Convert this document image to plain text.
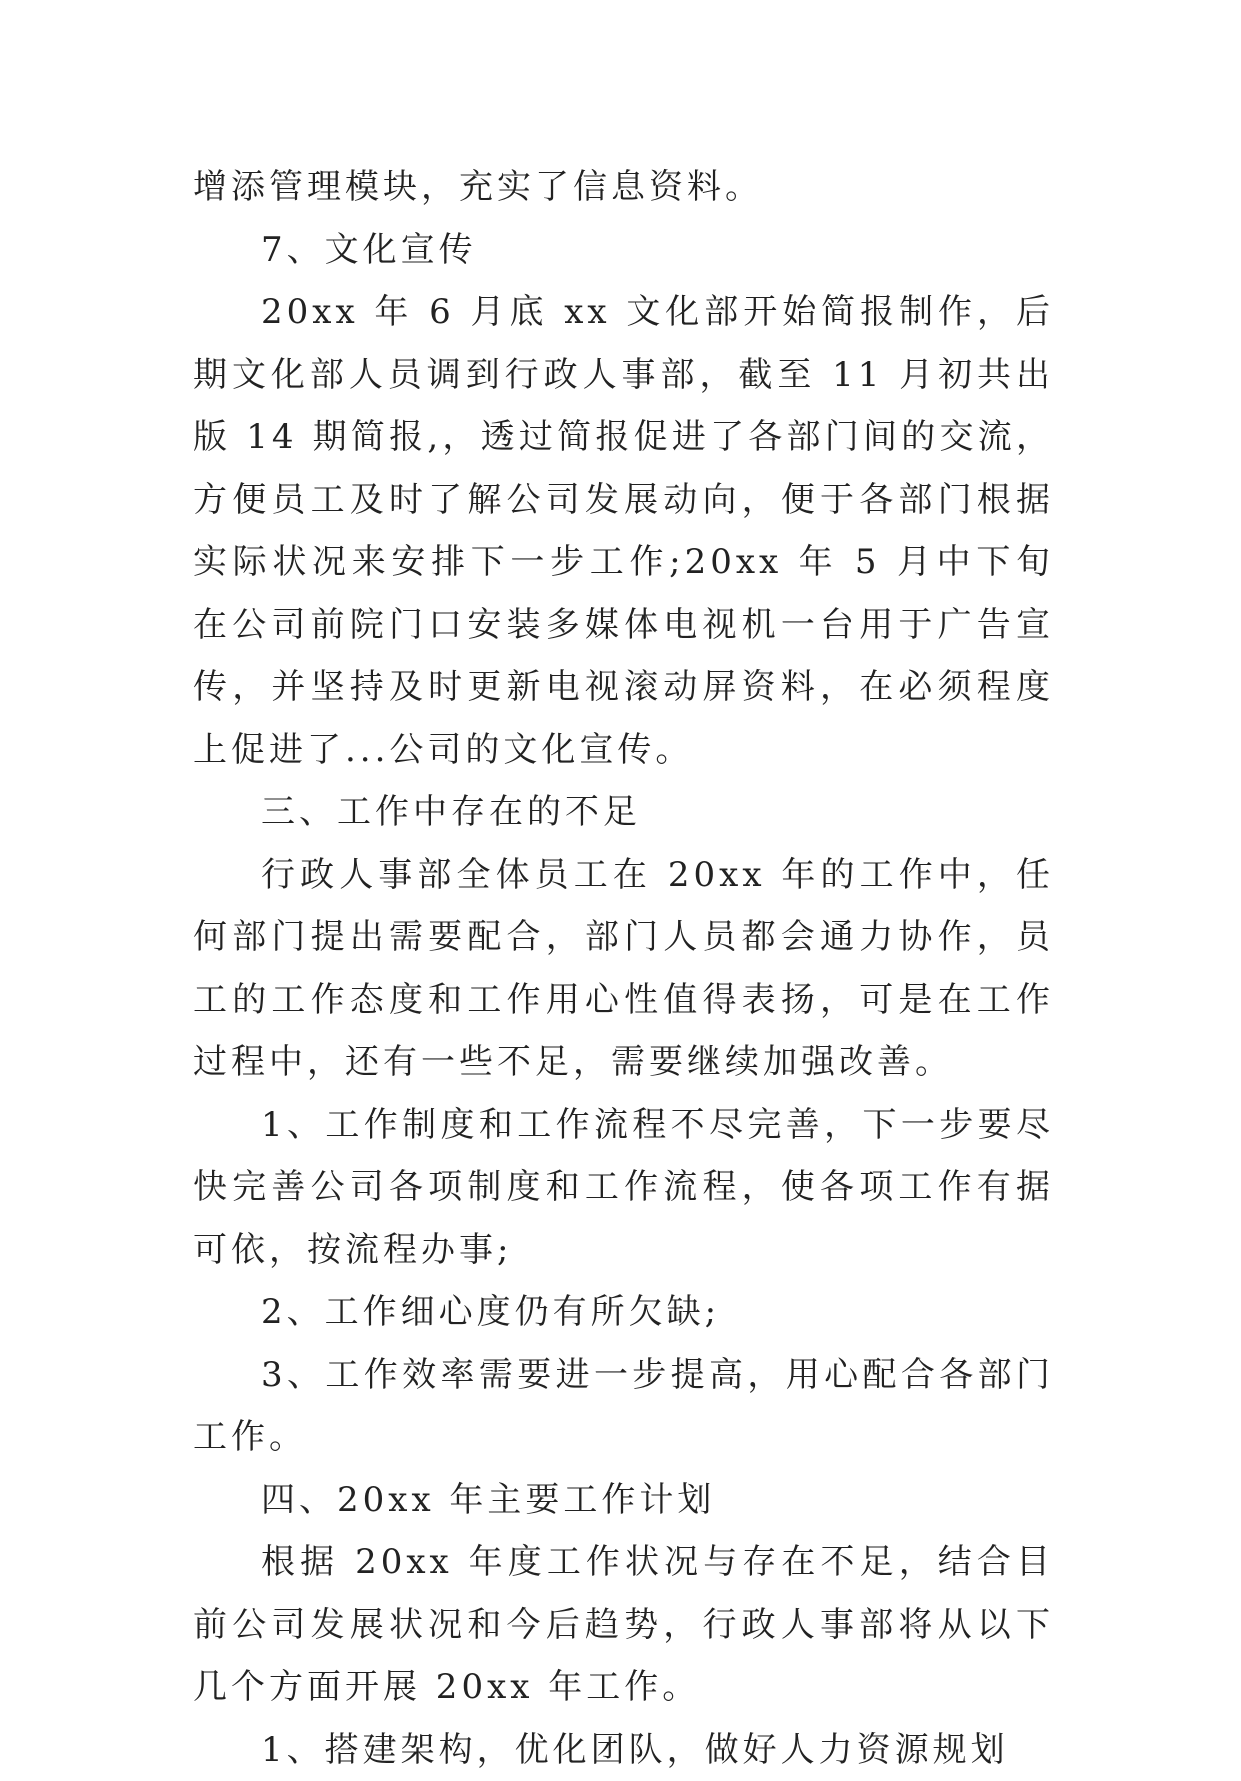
增添管理模块，充实了信息资料。

7、文化宣传

20xx 年 6 月底 xx 文化部开始简报制作，后期文化部人员调到行政人事部，截至 11 月初共出版 14 期简报,，透过简报促进了各部门间的交流，方便员工及时了解公司发展动向，便于各部门根据实际状况来安排下一步工作;20xx 年 5 月中下旬在公司前院门口安装多媒体电视机一台用于广告宣传，并坚持及时更新电视滚动屏资料，在必须程度上促进了...公司的文化宣传。

三、工作中存在的不足

行政人事部全体员工在 20xx 年的工作中，任何部门提出需要配合，部门人员都会通力协作，员工的工作态度和工作用心性值得表扬，可是在工作过程中，还有一些不足，需要继续加强改善。

1、工作制度和工作流程不尽完善，下一步要尽快完善公司各项制度和工作流程，使各项工作有据可依，按流程办事;

2、工作细心度仍有所欠缺;

3、工作效率需要进一步提高，用心配合各部门工作。

四、20xx 年主要工作计划

根据 20xx 年度工作状况与存在不足，结合目前公司发展状况和今后趋势，行政人事部将从以下几个方面开展 20xx 年工作。

1、搭建架构，优化团队，做好人力资源规划
